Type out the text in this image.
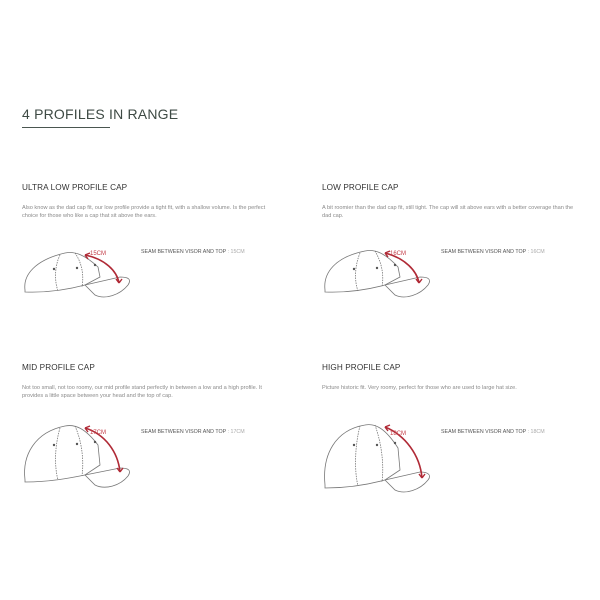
4 PROFILES IN RANGE
ULTRA LOW PROFILE CAP
Also know as the dad cap fit, our low profile provide a tight fit, with a shallow volume. Is the perfect choice for those who like a cap that sit above the ears.
15CM	SEAM BETWEEN VISOR AND TOP : 15CM
LOW PROFILE CAP
A bit roomier than the dad cap fit, still tight. The cap will sit above ears with a better coverage than the dad cap.
16CM	SEAM BETWEEN VISOR AND TOP : 16CM
MID PROFILE CAP
Not too small, not too roomy, our mid profile stand perfectly in between a low and a high profile. It provides a little space between your head and the top of cap.
17CM	SEAM BETWEEN VISOR AND TOP : 17CM
HIGH PROFILE CAP
Picture historic fit. Very roomy, perfect for those who are used to large hat size.
18CM	SEAM BETWEEN VISOR AND TOP : 18CM
